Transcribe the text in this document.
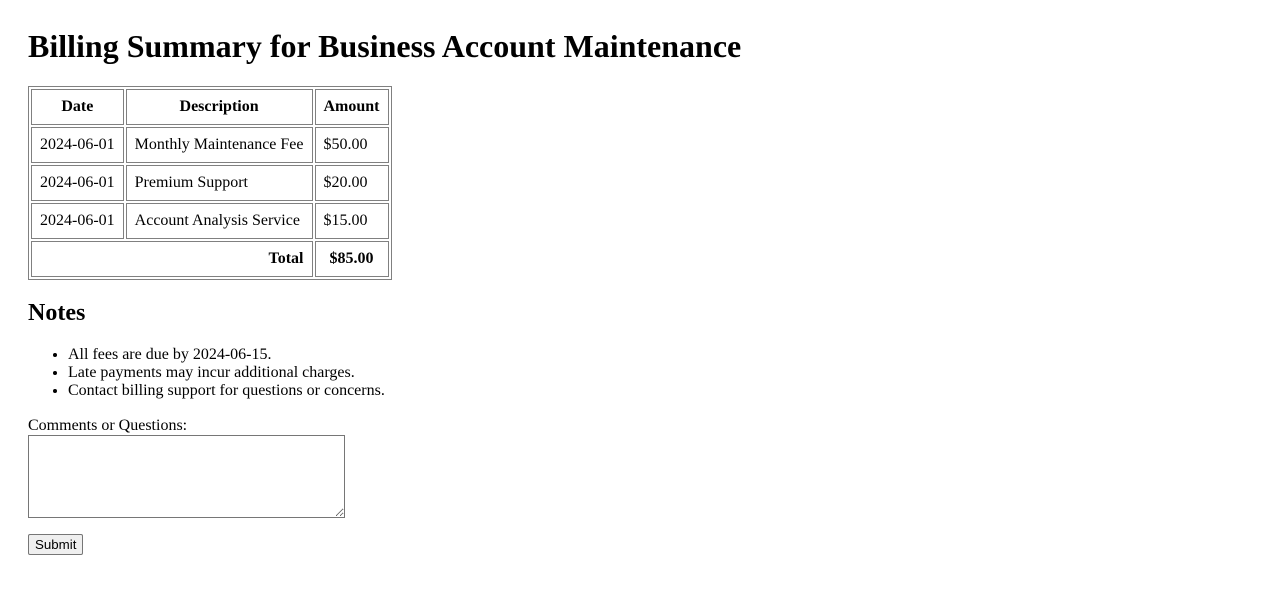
Billing Summary for Business Account Maintenance
Date	Description	Amount
2024-06-01	Monthly Maintenance Fee	$50.00
2024-06-01	Premium Support	$20.00
2024-06-01	Account Analysis Service	$15.00
Total		$85.00
Notes
• All fees are due by 2024-06-15.
• Late payments may incur additional charges.
• Contact billing support for questions or concerns.
Comments or Questions:
Submit
